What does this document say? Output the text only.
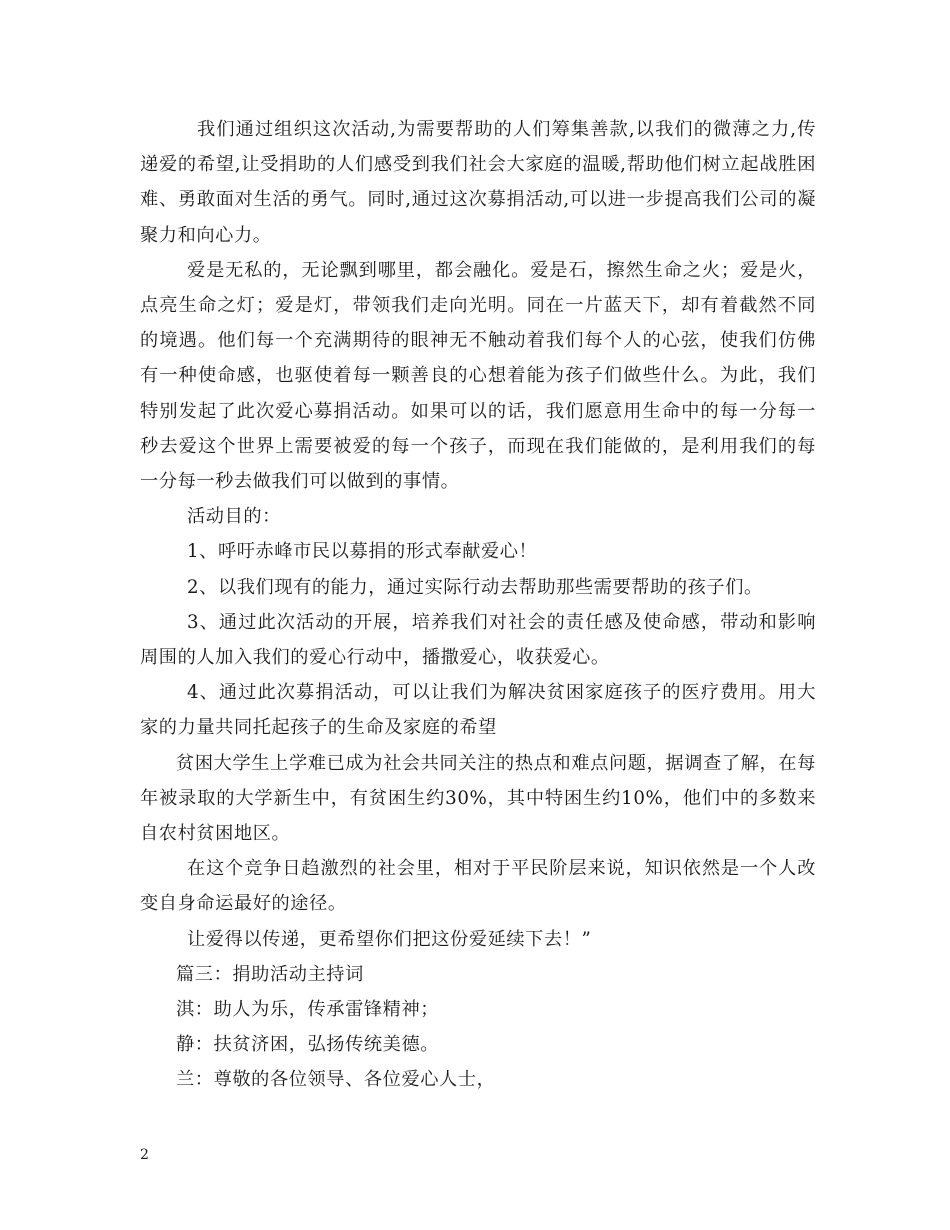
我们通过组织这次活动,为需要帮助的人们筹集善款,以我们的微薄之力,传递爱的希望,让受捐助的人们感受到我们社会大家庭的温暖,帮助他们树立起战胜困难、勇敢面对生活的勇气。同时,通过这次募捐活动,可以进一步提高我们公司的凝聚力和向心力。

爱是无私的，无论飘到哪里，都会融化。爱是石，擦然生命之火；爱是火，点亮生命之灯；爱是灯，带领我们走向光明。同在一片蓝天下，却有着截然不同的境遇。他们每一个充满期待的眼神无不触动着我们每个人的心弦，使我们仿佛有一种使命感，也驱使着每一颗善良的心想着能为孩子们做些什么。为此，我们特别发起了此次爱心募捐活动。如果可以的话，我们愿意用生命中的每一分每一秒去爱这个世界上需要被爱的每一个孩子，而现在我们能做的，是利用我们的每一分每一秒去做我们可以做到的事情。

活动目的：

1、呼吁赤峰市民以募捐的形式奉献爱心！

2、以我们现有的能力，通过实际行动去帮助那些需要帮助的孩子们。

3、通过此次活动的开展，培养我们对社会的责任感及使命感，带动和影响周围的人加入我们的爱心行动中，播撒爱心，收获爱心。

4、通过此次募捐活动，可以让我们为解决贫困家庭孩子的医疗费用。用大家的力量共同托起孩子的生命及家庭的希望

贫困大学生上学难已成为社会共同关注的热点和难点问题，据调查了解，在每年被录取的大学新生中，有贫困生约30%，其中特困生约10%，他们中的多数来自农村贫困地区。

在这个竞争日趋激烈的社会里，相对于平民阶层来说，知识依然是一个人改变自身命运最好的途径。

让爱得以传递，更希望你们把这份爱延续下去！”

篇三：捐助活动主持词

淇：助人为乐，传承雷锋精神；

静：扶贫济困，弘扬传统美德。

兰：尊敬的各位领导、各位爱心人士，

2
